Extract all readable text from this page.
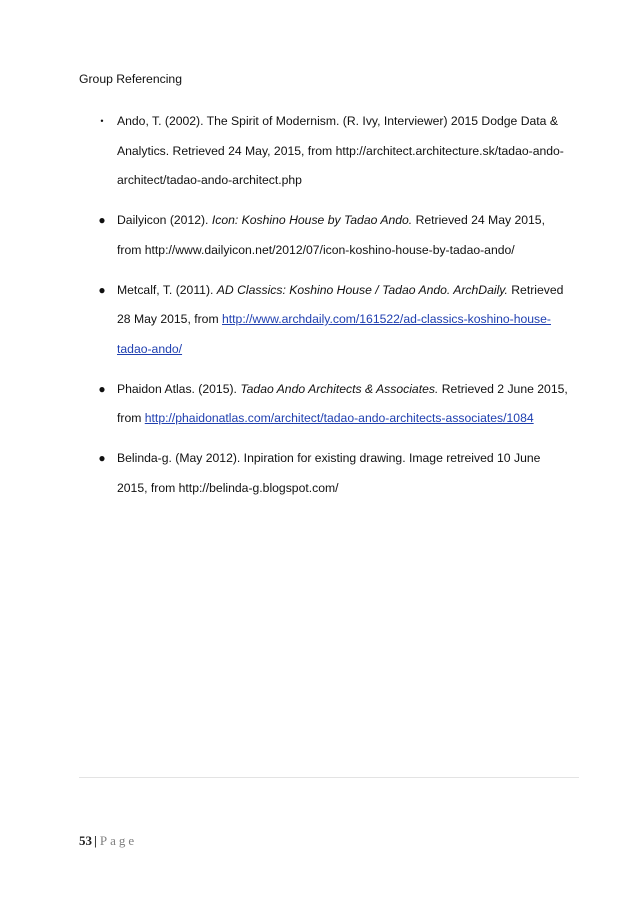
Group Referencing
•	Ando, T. (2002). The Spirit of Modernism. (R. Ivy, Interviewer) 2015 Dodge Data & Analytics. Retrieved 24 May, 2015, from http://architect.architecture.sk/tadao-ando-architect/tadao-ando-architect.php
● Dailyicon (2012). Icon: Koshino House by Tadao Ando. Retrieved 24 May 2015, from http://www.dailyicon.net/2012/07/icon-koshino-house-by-tadao-ando/
● Metcalf, T. (2011). AD Classics: Koshino House / Tadao Ando. ArchDaily. Retrieved 28 May 2015, from http://www.archdaily.com/161522/ad-classics-koshino-house-tadao-ando/
● Phaidon Atlas. (2015). Tadao Ando Architects & Associates. Retrieved 2 June 2015, from http://phaidonatlas.com/architect/tadao-ando-architects-associates/1084
● Belinda-g. (May 2012). Inpiration for existing drawing. Image retreived 10 June 2015, from http://belinda-g.blogspot.com/
53 | Page
